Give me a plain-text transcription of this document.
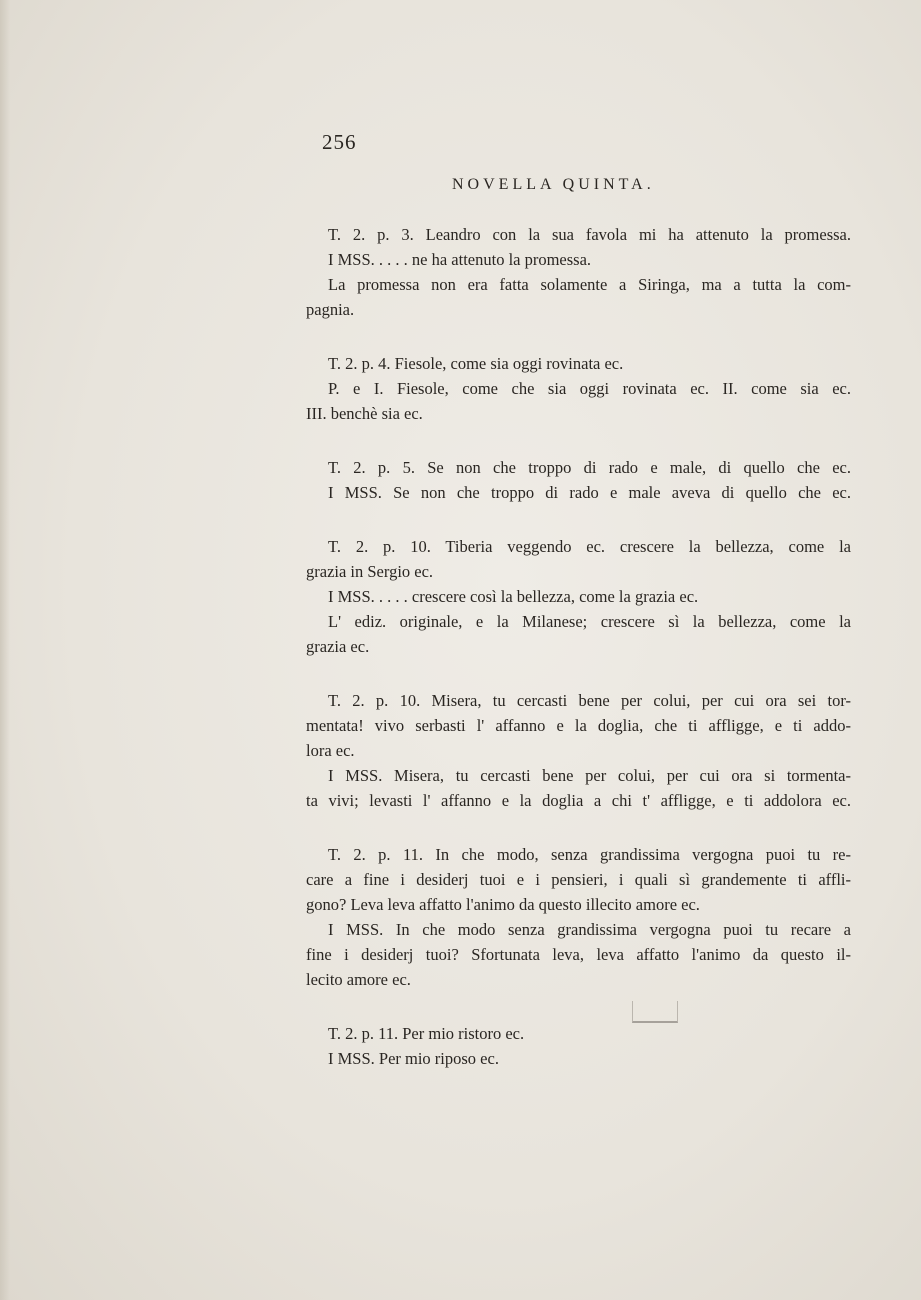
256
NOVELLA QUINTA.
T. 2. p. 3. Leandro con la sua favola mi ha attenuto la promessa.
I MSS. . . . . ne ha attenuto la promessa.
La promessa non era fatta solamente a Siringa, ma a tutta la com-
pagnia.
T. 2. p. 4. Fiesole, come sia oggi rovinata ec.
P. e I. Fiesole, come che sia oggi rovinata ec. II. come sia ec.
III. benchè sia ec.
T. 2. p. 5. Se non che troppo di rado e male, di quello che ec.
I MSS. Se non che troppo di rado e male aveva di quello che ec.
T. 2. p. 10. Tiberia veggendo ec. crescere la bellezza, come la
grazia in Sergio ec.
I MSS. . . . . crescere così la bellezza, come la grazia ec.
L' ediz. originale, e la Milanese; crescere sì la bellezza, come la
grazia ec.
T. 2. p. 10. Misera, tu cercasti bene per colui, per cui ora sei tor-
mentata! vivo serbasti l' affanno e la doglia, che ti affligge, e ti addo-
lora ec.
I MSS. Misera, tu cercasti bene per colui, per cui ora si tormenta-
ta vivi; levasti l' affanno e la doglia a chi t' affligge, e ti addolora ec.
T. 2. p. 11. In che modo, senza grandissima vergogna puoi tu re-
care a fine i desiderj tuoi e i pensieri, i quali sì grandemente ti affli-
gono? Leva leva affatto l'animo da questo illecito amore ec.
I MSS. In che modo senza grandissima vergogna puoi tu recare a
fine i desiderj tuoi? Sfortunata leva, leva affatto l'animo da questo il-
lecito amore ec.
T. 2. p. 11. Per mio ristoro ec.
I MSS. Per mio riposo ec.
